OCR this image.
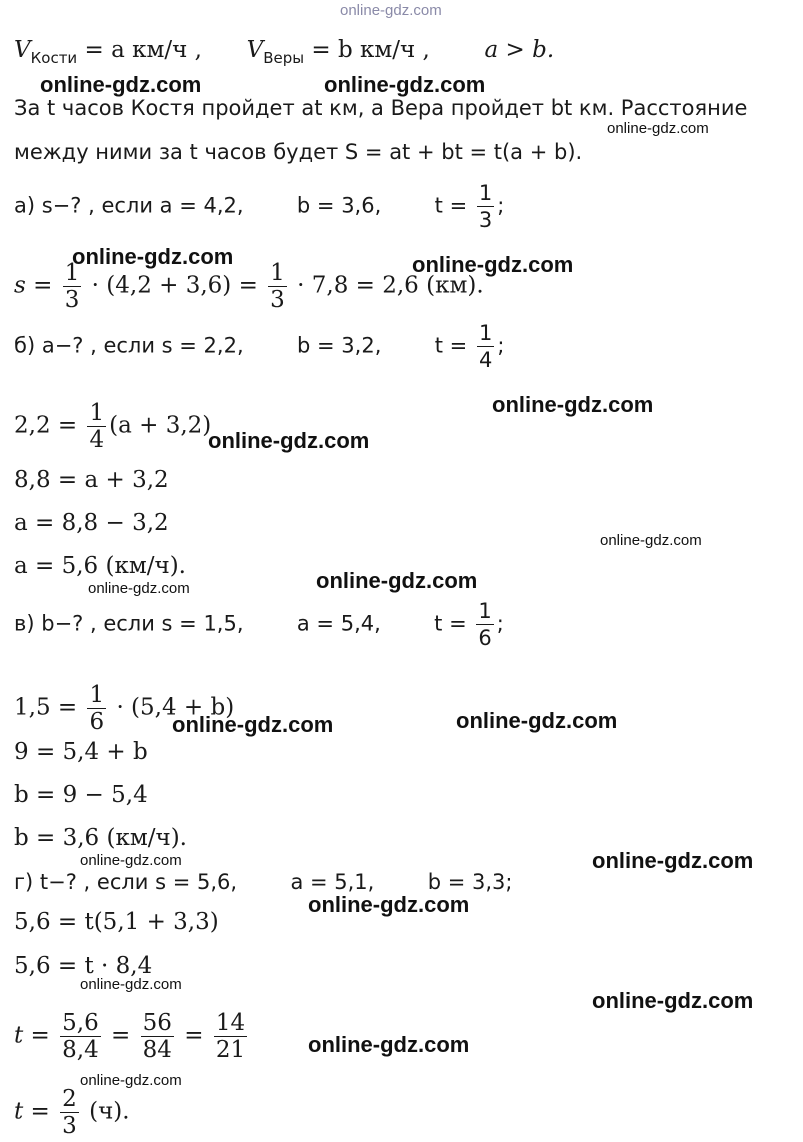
online-gdz.com
$V_{Кости} = a$ км/ч , $V_{Веры} = b$ км/ч , a > b.
online-gdz.com	online-gdz.com
За t часов Костя пройдет at км, а Вера пройдет bt км. Расстояние
online-gdz.com
между ними за t часов будет S = at + bt = t(a + b).
а) s−? , если a = 4,2,	b = 3,6,	$t = \frac{1}{3}$ ;
online-gdz.com	online-gdz.com
$s = \frac{1}{3} \cdot (4,2 + 3,6) = \frac{1}{3} \cdot 7,8 = 2,6$ (км).
б) a−? , если s = 2,2,	b = 3,2,	$t = \frac{1}{4}$ ;
online-gdz.com
$2,2 = \frac{1}{4} (a + 3,2)$
online-gdz.com
8,8 = a + 3,2
a = 8,8 − 3,2
online-gdz.com
a = 5,6 (км/ч).
online-gdz.com	online-gdz.com
в) b−? , если s = 1,5,	a = 5,4,	$t = \frac{1}{6}$ ;
$1,5 = \frac{1}{6} \cdot (5,4 + b)$
online-gdz.com	online-gdz.com
9 = 5,4 + b
b = 9 − 5,4
b = 3,6 (км/ч).
online-gdz.com	online-gdz.com
г) t−? , если s = 5,6,	a = 5,1,	b = 3,3;
online-gdz.com
5,6 = t(5,1 + 3,3)
5,6 = t · 8,4
online-gdz.com
online-gdz.com
$t = \frac{5,6}{8,4} = \frac{56}{84} = \frac{14}{21}$	online-gdz.com
online-gdz.com
$t = \frac{2}{3} (ч)$.
